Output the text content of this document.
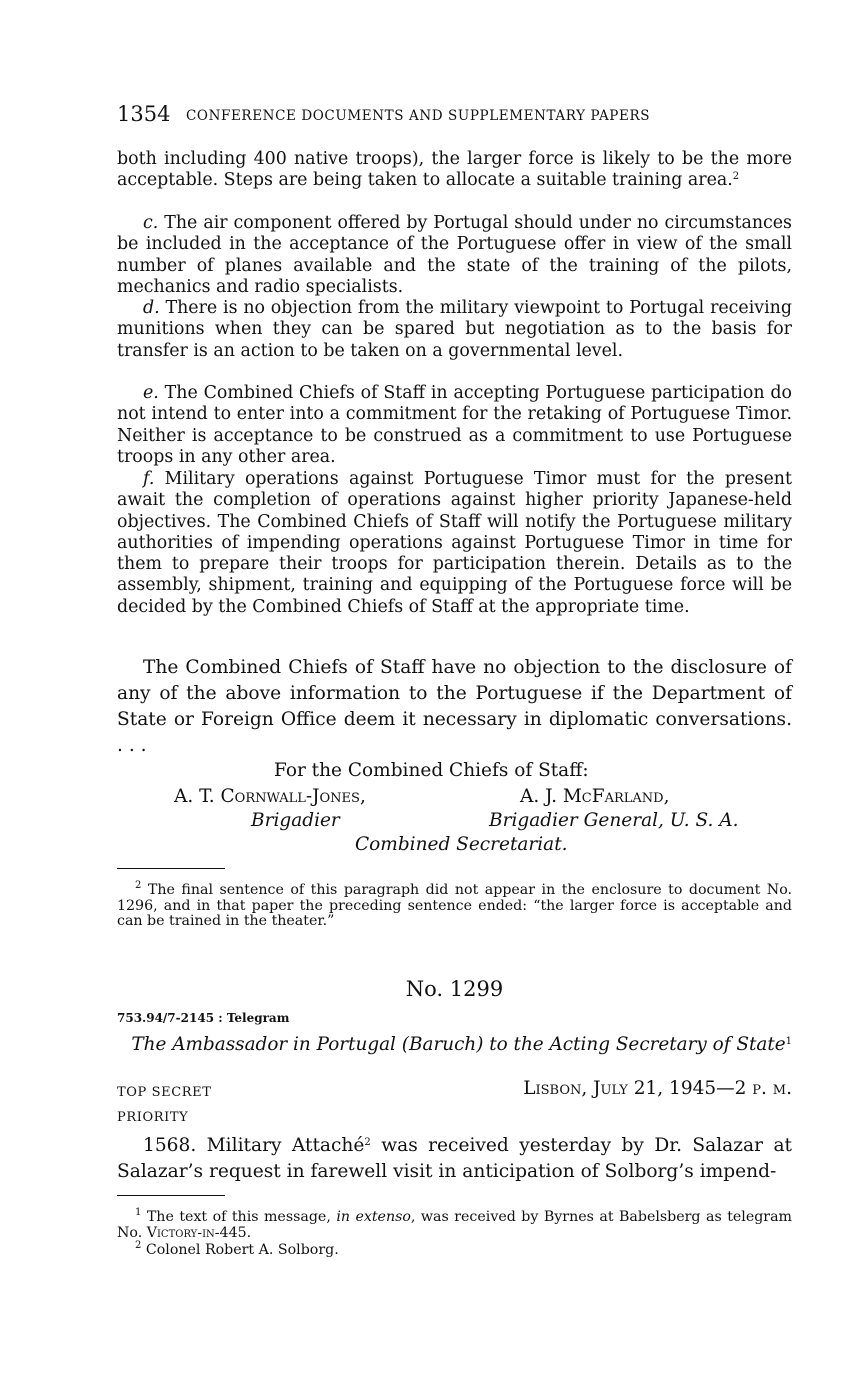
1354 CONFERENCE DOCUMENTS AND SUPPLEMENTARY PAPERS
both including 400 native troops), the larger force is likely to be the more acceptable. Steps are being taken to allocate a suitable training area.$^2$
c. The air component offered by Portugal should under no circumstances be included in the acceptance of the Portuguese offer in view of the small number of planes available and the state of the training of the pilots, mechanics and radio specialists.
d. There is no objection from the military viewpoint to Portugal receiving munitions when they can be spared but negotiation as to the basis for transfer is an action to be taken on a governmental level.
e. The Combined Chiefs of Staff in accepting Portuguese participation do not intend to enter into a commitment for the retaking of Portuguese Timor. Neither is acceptance to be construed as a commitment to use Portuguese troops in any other area.
f. Military operations against Portuguese Timor must for the present await the completion of operations against higher priority Japanese-held objectives. The Combined Chiefs of Staff will notify the Portuguese military authorities of impending operations against Portuguese Timor in time for them to prepare their troops for participation therein. Details as to the assembly, shipment, training and equipping of the Portuguese force will be decided by the Combined Chiefs of Staff at the appropriate time.
The Combined Chiefs of Staff have no objection to the disclosure of any of the above information to the Portuguese if the Department of State or Foreign Office deem it necessary in diplomatic conversations. . . .
For the Combined Chiefs of Staff:
A. T. Cornwall-Jones,	A. J. McFarland,
Brigadier	Brigadier General, U. S. A.
Combined Secretariat.
$^2$ The final sentence of this paragraph did not appear in the enclosure to document No. 1296, and in that paper the preceding sentence ended: “the larger force is acceptable and can be trained in the theater.”
No. 1299
753.94/7-2145 : Telegram
The Ambassador in Portugal (Baruch) to the Acting Secretary of State$^1$
TOP SECRET	Lisbon, July 21, 1945—2 p. m.
PRIORITY
1568. Military Attaché$^2$ was received yesterday by Dr. Salazar at Salazar’s request in farewell visit in anticipation of Solborg’s impend-
$^1$ The text of this message, in extenso, was received by Byrnes at Babelsberg as telegram No. Victory-in-445.
$^2$ Colonel Robert A. Solborg.
